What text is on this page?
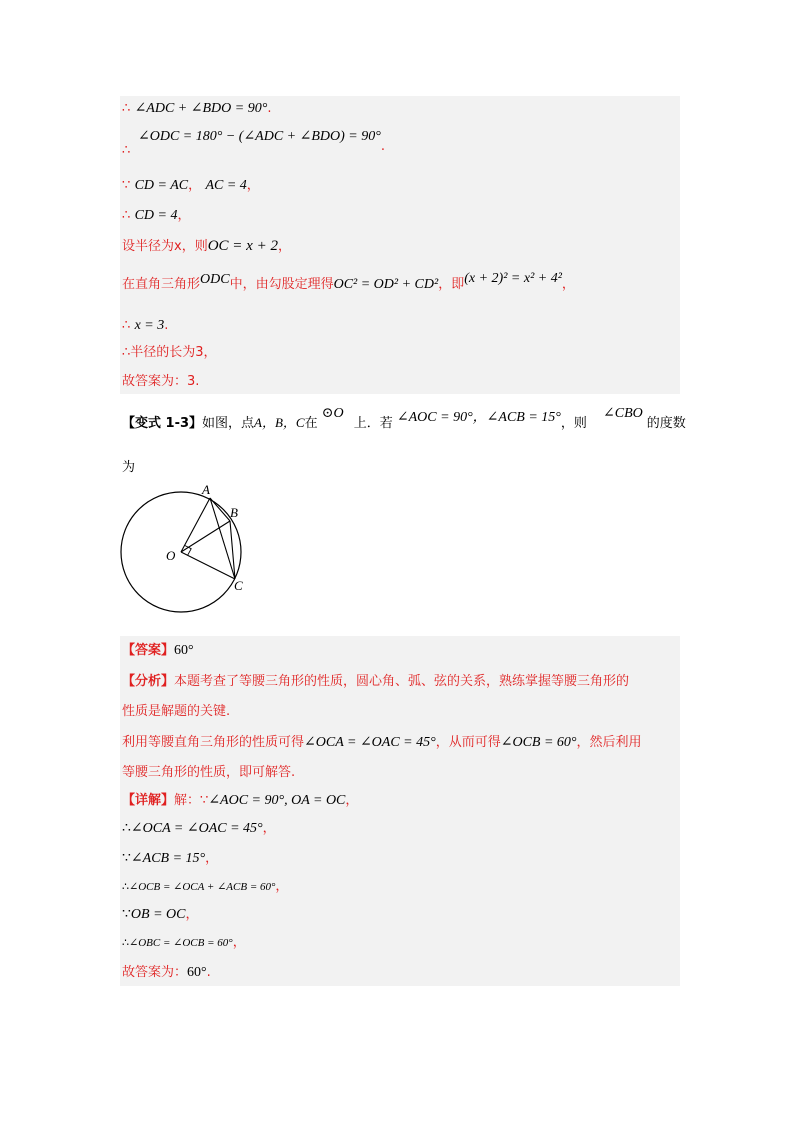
∴ ∠ADC + ∠BDO = 90°.
∠ODC = 180° − (∠ADC + ∠BDO) = 90°.
∴
∵ CD = AC， AC = 4，
∴ CD = 4，
设半径为x，则OC = x + 2，
在直角三角形ODC中，由勾股定理得OC² = OD² + CD²，即(x + 2)² = x² + 4²，
∴ x = 3.
∴半径的长为3，
故答案为：3.
【变式 1-3】如图，点A，B，C在 ⊙O 上．若 ∠AOC = 90°，∠ACB = 15°，则 ∠CBO的度数
为
A
B
C
O
【答案】60°
【分析】本题考查了等腰三角形的性质，圆心角、弧、弦的关系，熟练掌握等腰三角形的
性质是解题的关键.
利用等腰直角三角形的性质可得∠OCA = ∠OAC = 45°，从而可得∠OCB = 60°，然后利用
等腰三角形的性质，即可解答.
【详解】解：∵∠AOC = 90°, OA = OC，
∴∠OCA = ∠OAC = 45°，
∵∠ACB = 15°，
∴∠OCB = ∠OCA + ∠ACB = 60°，
∵OB = OC，
∴∠OBC = ∠OCB = 60°，
故答案为：60°.
